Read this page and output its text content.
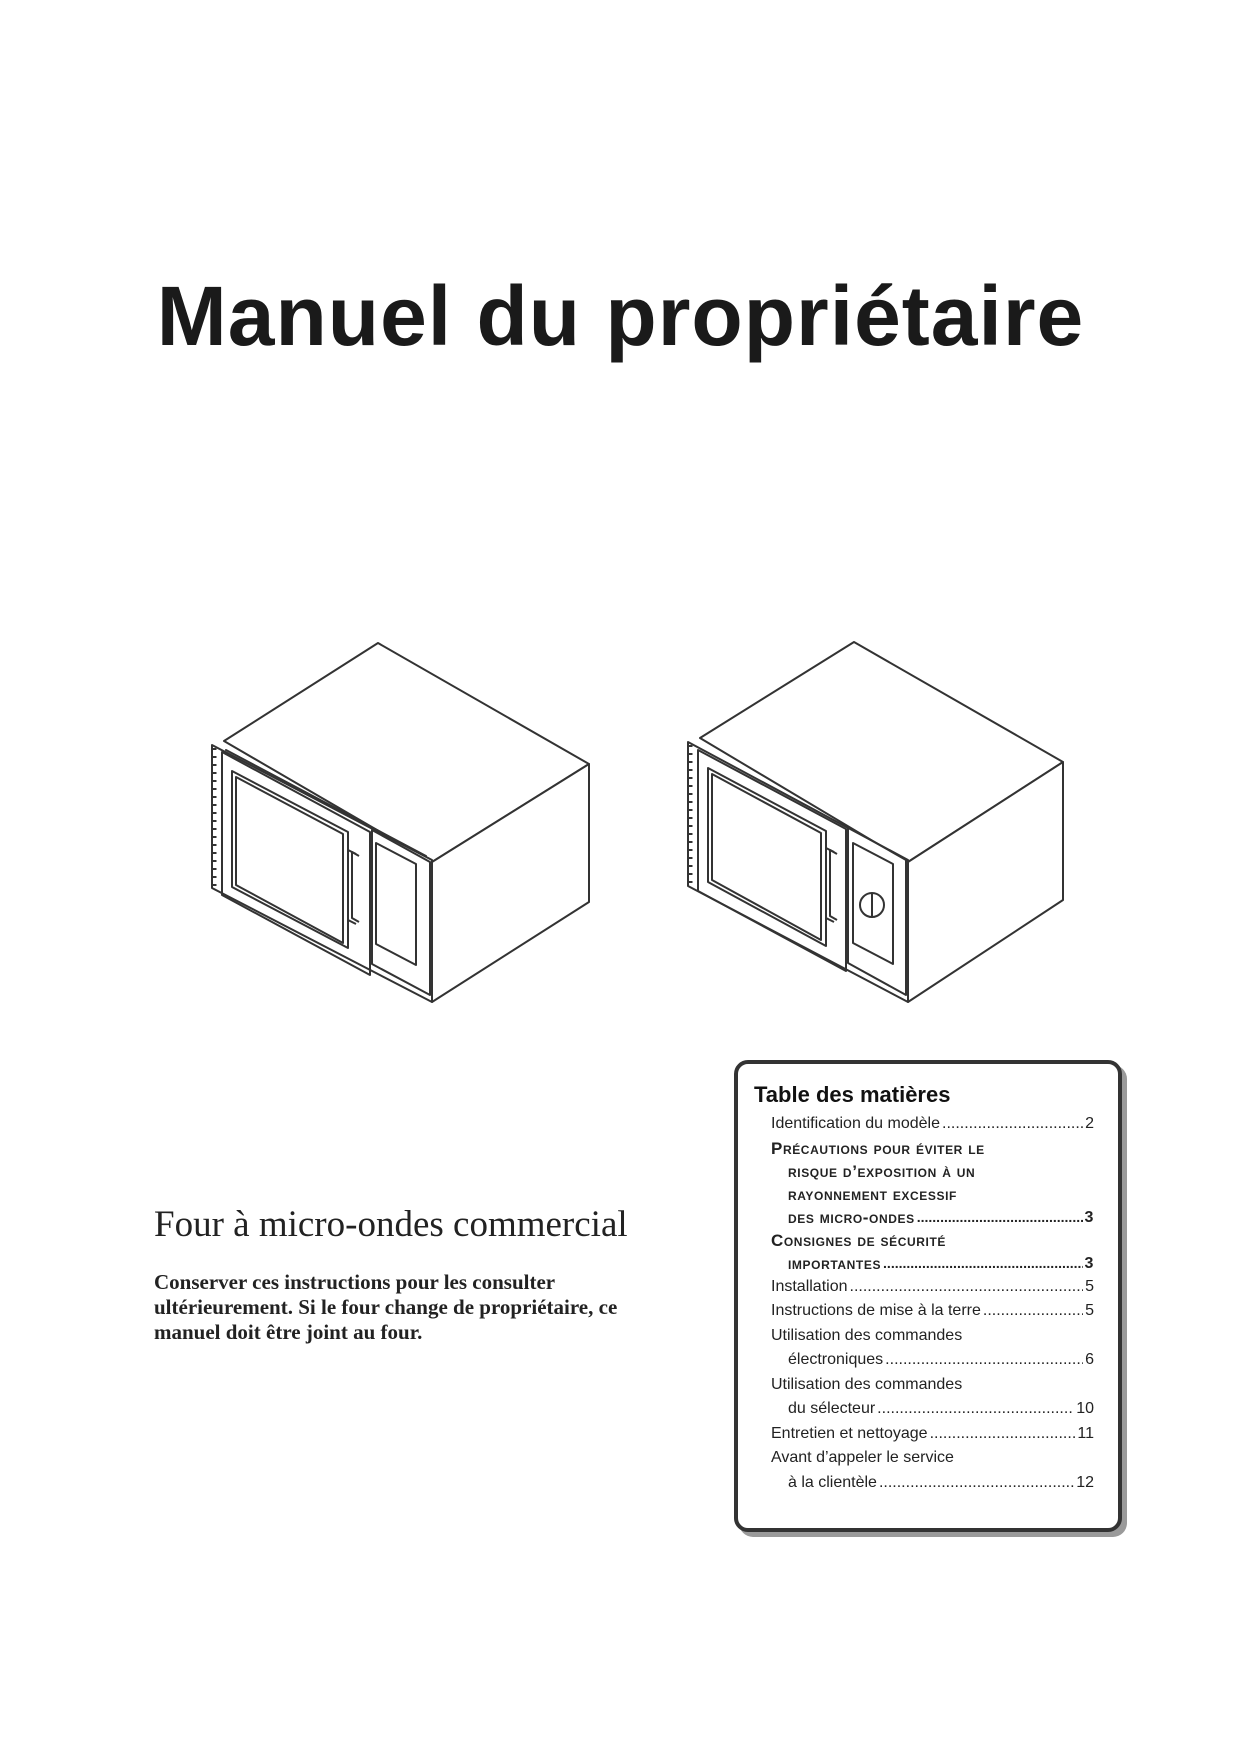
Manuel du propriétaire
Four à micro-ondes commercial

Conserver ces instructions pour les consulter ultérieurement. Si le four change de propriétaire, ce manuel doit être joint au four.

Table des matières
Identification du modèle .....	2
Précautions pour éviter le
risque d’exposition à un
rayonnement excessif
des micro-ondes .....	3
Consignes de sécurité
importantes .....	3
Installation .....	5
Instructions de mise à la terre .....	5
Utilisation des commandes
électroniques .....	6
Utilisation des commandes
du sélecteur .....	10
Entretien et nettoyage .....	11
Avant d’appeler le service
à la clientèle .....	12
